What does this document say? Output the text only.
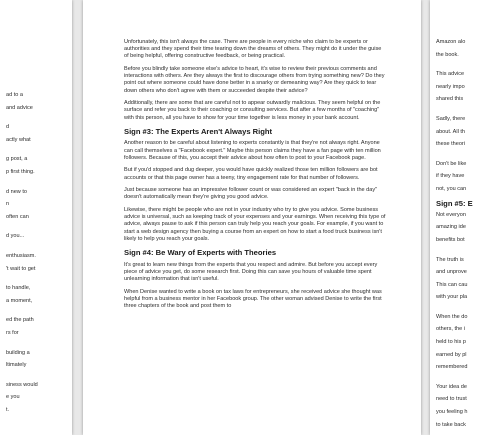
ad to a

and advice

d

actly what

g post, a

p first thing.

d new to

n

often can

d you...

enthusiasm.

't wait to get

to handle,

a moment,

ed the path

rs for

building a

ltimately

siness would

e you

t.

Unfortunately, this isn't always the case. There are people in every niche who claim to be experts or authorities and they spend their time tearing down the dreams of others. They might do it under the guise of being helpful, offering constructive feedback, or being practical.

Before you blindly take someone else's advice to heart, it's wise to review their previous comments and interactions with others. Are they always the first to discourage others from trying something new? Do they point out where someone could have done better in a snarky or demeaning way? Are they quick to tear down others who don't agree with them or succeeded despite their advice?

Additionally, there are some that are careful not to appear outwardly malicious. They seem helpful on the surface and refer you back to their coaching or consulting services. But after a few months of "coaching" with this person, all you have to show for your time together is less money in your bank account.

Sign #3: The Experts Aren't Always Right

Another reason to be careful about listening to experts constantly is that they're not always right. Anyone can call themselves a "Facebook expert." Maybe this person claims they have a fan page with ten million followers. Because of this, you accept their advice about how often to post to your Facebook page.

But if you'd stopped and dug deeper, you would have quickly realized those ten million followers are bot accounts or that this page owner has a teeny, tiny engagement rate for that number of followers.

Just because someone has an impressive follower count or was considered an expert "back in the day" doesn't automatically mean they're giving you good advice.

Likewise, there might be people who are not in your industry who try to give you advice. Some business advice is universal, such as keeping track of your expenses and your earnings. When receiving this type of advice, always pause to ask if this person can truly help you reach your goals. For example, if you want to start a web design agency then buying a course from an expert on how to start a food truck business isn't likely to help you reach your goals.

Sign #4: Be Wary of Experts with Theories

It's great to learn new things from the experts that you respect and admire. But before you accept every piece of advice you get, do some research first. Doing this can save you hours of valuable time spent unlearning information that isn't useful.

When Denise wanted to write a book on tax laws for entrepreneurs, she received advice she thought was helpful from a business mentor in her Facebook group. The other woman advised Denise to write the first three chapters of the book and post them to

Amazon alo

the book.

This advice

nearly impo

shared this

Sadly, there

about. All th

these theori

Don't be like

if they have

not, you can

Sign #5: E

Not everyon

amazing ide

benefits bot

The truth is

and unprove

This can cau

with your pla

When the do

others, the i

held to his p

earned by pl

remembered

Your idea de

need to trust

you feeling h

to take back
